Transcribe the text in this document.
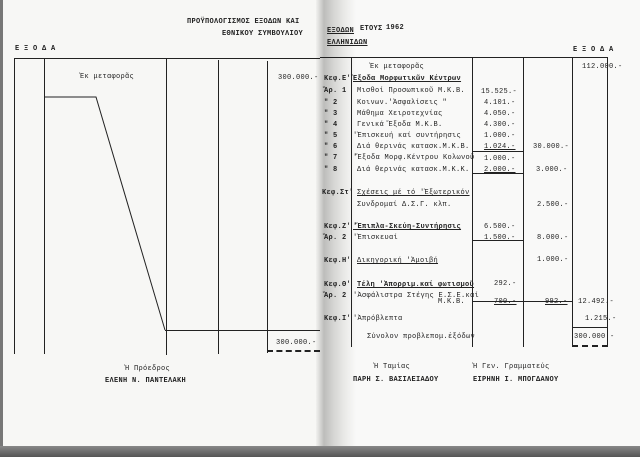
ΠΡΟΫΠΟΛΟΓΙΣΜΟΣ ΕΞΟΔΩΝ ΚΑΙ
ΕΘΝΙΚΟΥ ΣΥΜΒΟΥΛΙΟΥ
Ε Ξ Ο Δ Α
Ἐκ μεταφορᾶς	300.000.-
300.000.-
Ἡ Πρόεδρος
ΕΛΕΝΗ Ν. ΠΑΝΤΕΛΑΚΗ
ΕΞΟΔΩΝ ΕΤΟΥΣ 1962
ΕΛΛΗΝΙΔΩΝ
Ε Ξ Ο Δ Α
Ἐκ μεταφορᾶς	112.000.-
Κεφ.Ε' Ἔξοδα Μορφωτικῶν Κέντρων
Ἄρ. 1 Μισθοί Προσωπικοῦ Μ.Κ.Β. 15.525.-
" 2	Κοινων.'Ἀσφαλίσεις "	4.101.-
" 3	Μάθημα Χειροτεχνίας	4.050.-
" 4	Γενικά Ἔξοδα Μ.Κ.Β.	4.300.-
" 5 'Ἐπισκευή καί συντήρησις	1.000.-
" 6	Διά θερινάς κατασκ.Μ.Κ.Β. 1.024.- 30.000.-
" 7 'Ἔξοδα Μορφ.Κέντρου Κολωνοῦ 1.000.-
" 8	Διά θερινάς κατασκ.Μ.Κ.Κ. 2.000.-	3.000.-
Κεφ.Στ' Σχέσεις μέ τό 'Ἐξωτερικόν
Συνδρομαί Δ.Σ.Γ. κλπ.	2.500.-
Κεφ.Ζ' 'Ἔπιπλα-Σκεύη-Συντήρησις	6.500.-
Ἄρ. 2 'Ἐπισκευαί	1.500.-	8.000.-
Κεφ.Η' Δικηγορική 'Ἀμοιβή	1.000.-
Κεφ.Θ' Τέλη 'Ἀπορριμ.καί φωτισμοῦ	292.-
Ἄρ. 2 'Ἀσφάλιστρα Στέγης Ε.Σ.Ε.καί
Μ.Κ.Β.	700.-	992.- 12.492.-
Κεφ.Ι' 'Ἀπρόβλεπτα	1.215.-
Σύνολον προβλεπομ.ἐξόδων	300.000.-
Ἡ Ταμίας
ΠΑΡΗ Σ. ΒΑΣΙΛΕΙΑΔΟΥ
Ἡ Γεν. Γραμματεύς
ΕΙΡΗΝΗ Ι. ΜΠΟΓΔΑΝΟΥ
